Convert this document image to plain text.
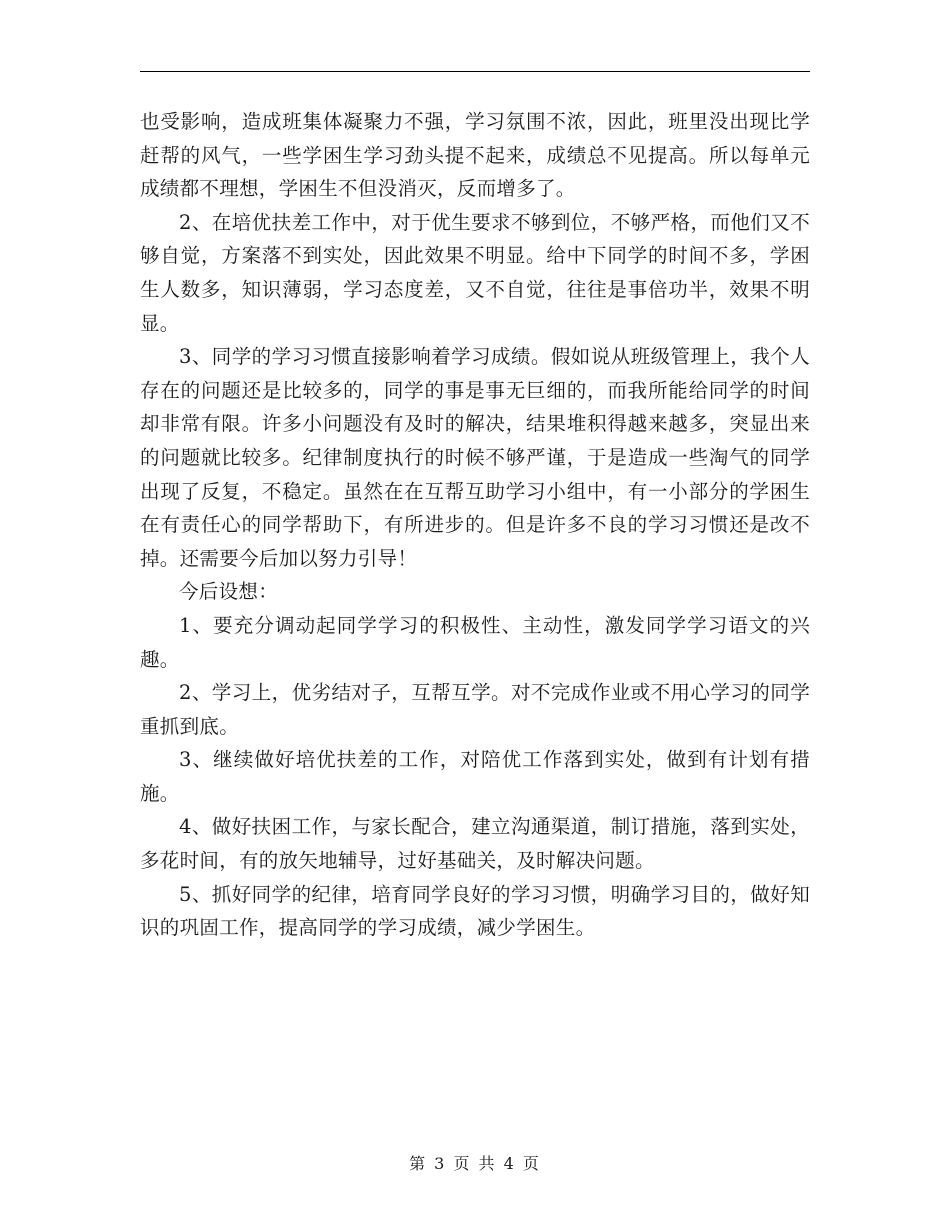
也受影响，造成班集体凝聚力不强，学习氛围不浓，因此，班里没出现比学赶帮的风气，一些学困生学习劲头提不起来，成绩总不见提高。所以每单元成绩都不理想，学困生不但没消灭，反而增多了。

2、在培优扶差工作中，对于优生要求不够到位，不够严格，而他们又不够自觉，方案落不到实处，因此效果不明显。给中下同学的时间不多，学困生人数多，知识薄弱，学习态度差，又不自觉，往往是事倍功半，效果不明显。

3、同学的学习习惯直接影响着学习成绩。假如说从班级管理上，我个人存在的问题还是比较多的，同学的事是事无巨细的，而我所能给同学的时间却非常有限。许多小问题没有及时的解决，结果堆积得越来越多，突显出来的问题就比较多。纪律制度执行的时候不够严谨，于是造成一些淘气的同学出现了反复，不稳定。虽然在在互帮互助学习小组中，有一小部分的学困生在有责任心的同学帮助下，有所进步的。但是许多不良的学习习惯还是改不掉。还需要今后加以努力引导！

今后设想：

1、要充分调动起同学学习的积极性、主动性，激发同学学习语文的兴趣。

2、学习上，优劣结对子，互帮互学。对不完成作业或不用心学习的同学重抓到底。

3、继续做好培优扶差的工作，对陪优工作落到实处，做到有计划有措施。

4、做好扶困工作，与家长配合，建立沟通渠道，制订措施，落到实处，多花时间，有的放矢地辅导，过好基础关，及时解决问题。

5、抓好同学的纪律，培育同学良好的学习习惯，明确学习目的，做好知识的巩固工作，提高同学的学习成绩，减少学困生。

第 3 页 共 4 页
